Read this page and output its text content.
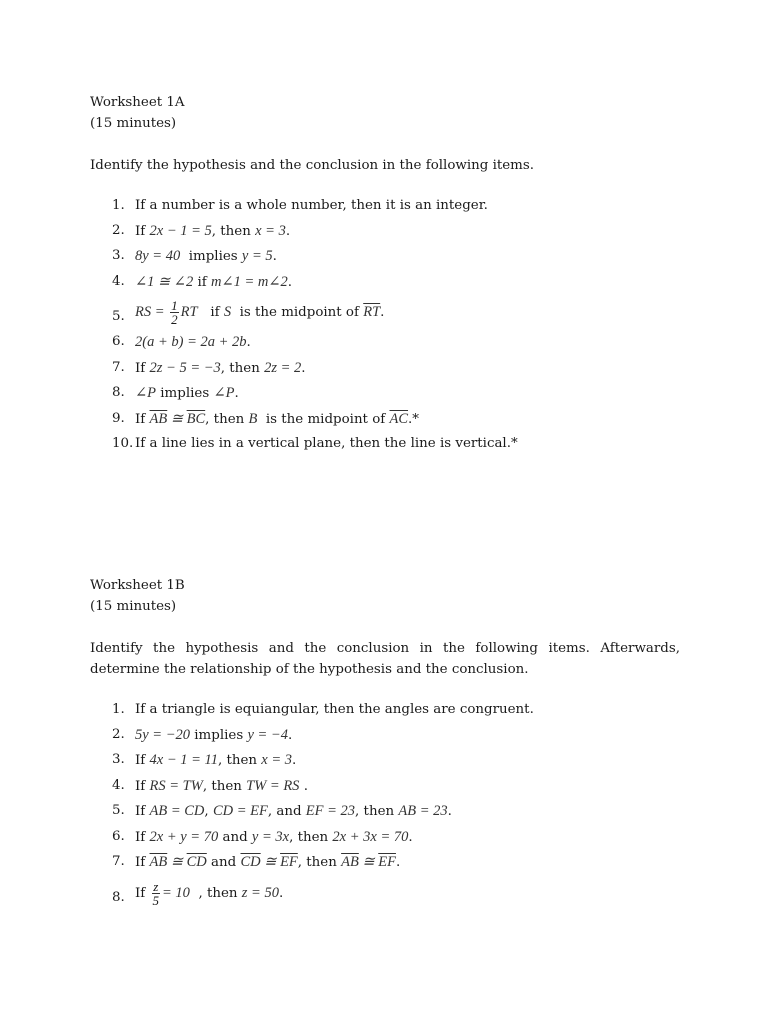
Worksheet 1A

(15 minutes)

Identify the hypothesis and the conclusion in the following items.

1. If a number is a whole number, then it is an integer.
2. If 2x − 1 = 5, then x = 3.
3. 8y = 40  implies y = 5.
4. ∠1 ≅ ∠2 if m∠1 = m∠2.
5. RS = $\frac{1}{2}$ RT   if S  is the midpoint of $\overline{RT}$.
6. 2(a + b) = 2a + 2b.
7. If 2z − 5 = −3, then 2z = 2.
8. ∠P implies ∠P.
9. If $\overline{AB}$ ≅ $\overline{BC}$, then B  is the midpoint of $\overline{AC}.*$
10. If a line lies in a vertical plane, then the line is vertical.*

Worksheet 1B

(15 minutes)

Identify the hypothesis and the conclusion in the following items. Afterwards, determine the relationship of the hypothesis and the conclusion.

1. If a triangle is equiangular, then the angles are congruent.
2. 5y = −20 implies y = −4.
3. If 4x − 1 = 11, then x = 3.
4. If RS = TW, then TW = RS .
5. If AB = CD, CD = EF, and EF = 23, then AB = 23.
6. If 2x + y = 70 and y = 3x, then 2x + 3x = 70.
7. If $\overline{AB}$ ≅ $\overline{CD}$ and $\overline{CD}$ ≅ $\overline{EF}$, then $\overline{AB}$ ≅ $\overline{EF}$.
8. If $\frac{z}{5} = 10$  , then z = 50.
